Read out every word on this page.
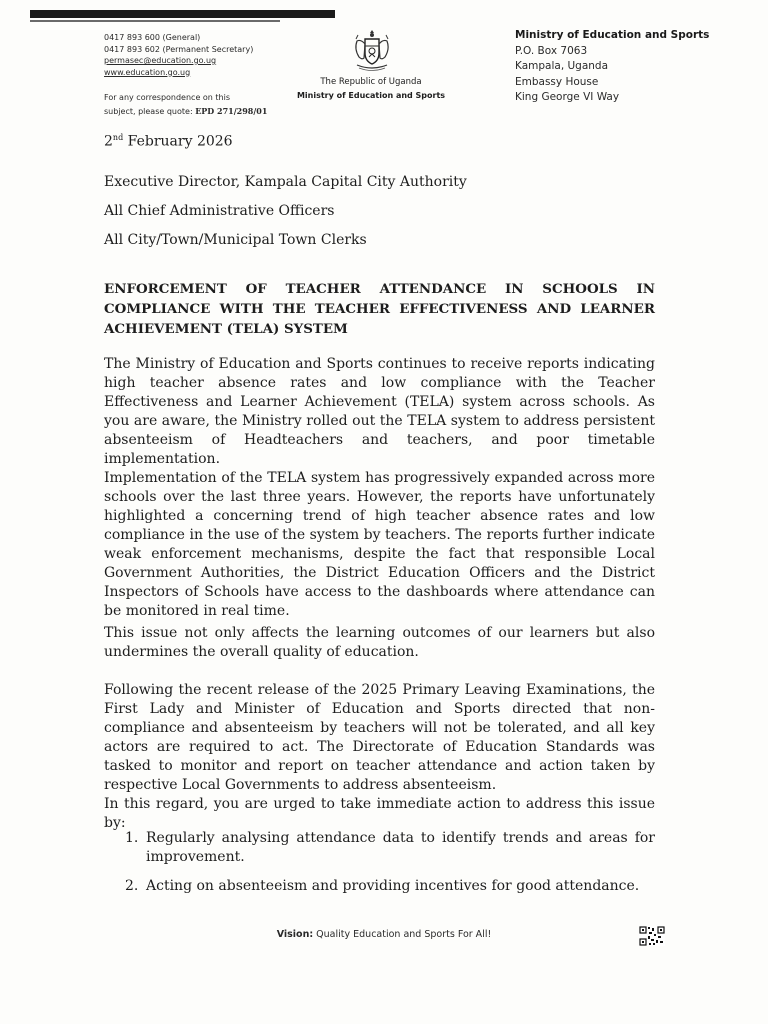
0417 893 600 (General)
0417 893 602 (Permanent Secretary)
permasec@education.go.ug
www.education.go.ug
For any correspondence on this
subject, please quote: EPD 271/298/01
The Republic of Uganda
Ministry of Education and Sports
Ministry of Education and Sports
P.O. Box 7063
Kampala, Uganda
Embassy House
King George VI Way
2nd February 2026
Executive Director, Kampala Capital City Authority
All Chief Administrative Officers
All City/Town/Municipal Town Clerks
ENFORCEMENT OF TEACHER ATTENDANCE IN SCHOOLS IN COMPLIANCE WITH THE TEACHER EFFECTIVENESS AND LEARNER ACHIEVEMENT (TELA) SYSTEM
The Ministry of Education and Sports continues to receive reports indicating high teacher absence rates and low compliance with the Teacher Effectiveness and Learner Achievement (TELA) system across schools. As you are aware, the Ministry rolled out the TELA system to address persistent absenteeism of Headteachers and teachers, and poor timetable implementation.
Implementation of the TELA system has progressively expanded across more schools over the last three years. However, the reports have unfortunately highlighted a concerning trend of high teacher absence rates and low compliance in the use of the system by teachers. The reports further indicate weak enforcement mechanisms, despite the fact that responsible Local Government Authorities, the District Education Officers and the District Inspectors of Schools have access to the dashboards where attendance can be monitored in real time.
This issue not only affects the learning outcomes of our learners but also undermines the overall quality of education.
Following the recent release of the 2025 Primary Leaving Examinations, the First Lady and Minister of Education and Sports directed that non-compliance and absenteeism by teachers will not be tolerated, and all key actors are required to act. The Directorate of Education Standards was tasked to monitor and report on teacher attendance and action taken by respective Local Governments to address absenteeism.
In this regard, you are urged to take immediate action to address this issue by:
1. Regularly analysing attendance data to identify trends and areas for improvement.
2. Acting on absenteeism and providing incentives for good attendance.
Vision: Quality Education and Sports For All!
